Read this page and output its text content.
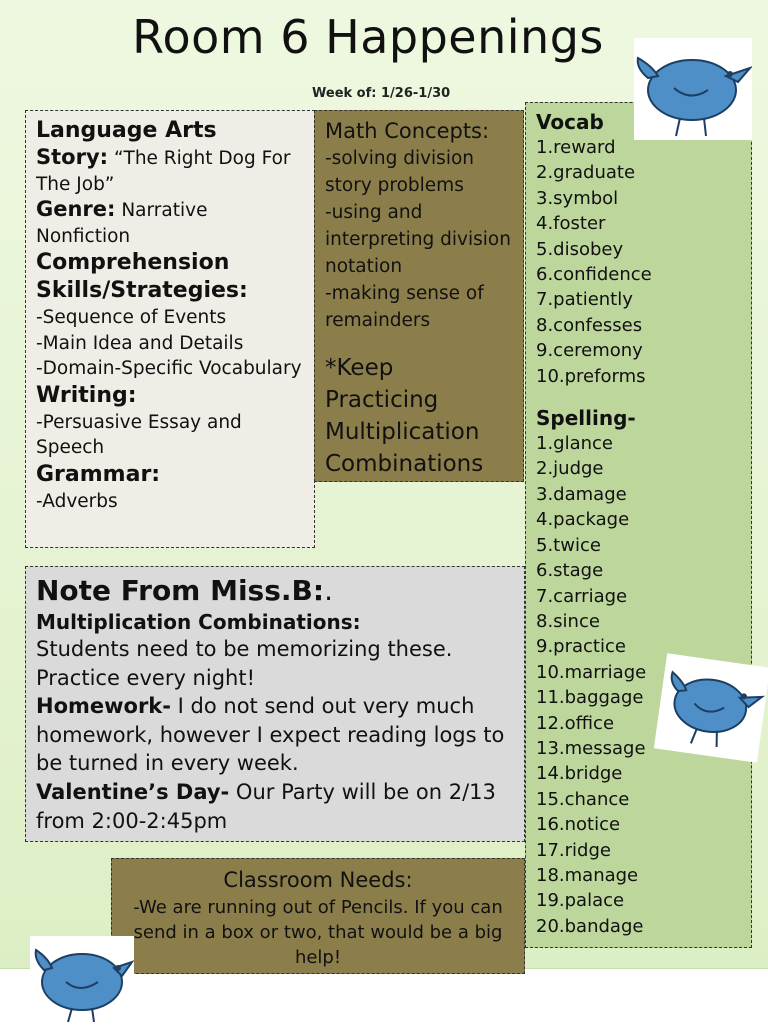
Room 6 Happenings
Week of: 1/26-1/30
Language Arts
Story: “The Right Dog For The Job”
Genre: Narrative Nonfiction
Comprehension Skills/Strategies:
-Sequence of Events
-Main Idea and Details
-Domain-Specific Vocabulary
Writing:
-Persuasive Essay and Speech
Grammar:
-Adverbs
Math Concepts:
-solving division story problems
-using and interpreting division notation
-making sense of remainders
*Keep Practicing Multiplication Combinations
Vocab
1.reward
2.graduate
3.symbol
4.foster
5.disobey
6.confidence
7.patiently
8.confesses
9.ceremony
10.preforms
Spelling-
1.glance
2.judge
3.damage
4.package
5.twice
6.stage
7.carriage
8.since
9.practice
10.marriage
11.baggage
12.office
13.message
14.bridge
15.chance
16.notice
17.ridge
18.manage
19.palace
20.bandage
Note From Miss.B:.
Multiplication Combinations:
Students need to be memorizing these. Practice every night!
Homework- I do not send out very much homework, however I expect reading logs to be turned in every week.
Valentine’s Day- Our Party will be on 2/13 from 2:00-2:45pm
Classroom Needs:
-We are running out of Pencils. If you can send in a box or two, that would be a big help!
